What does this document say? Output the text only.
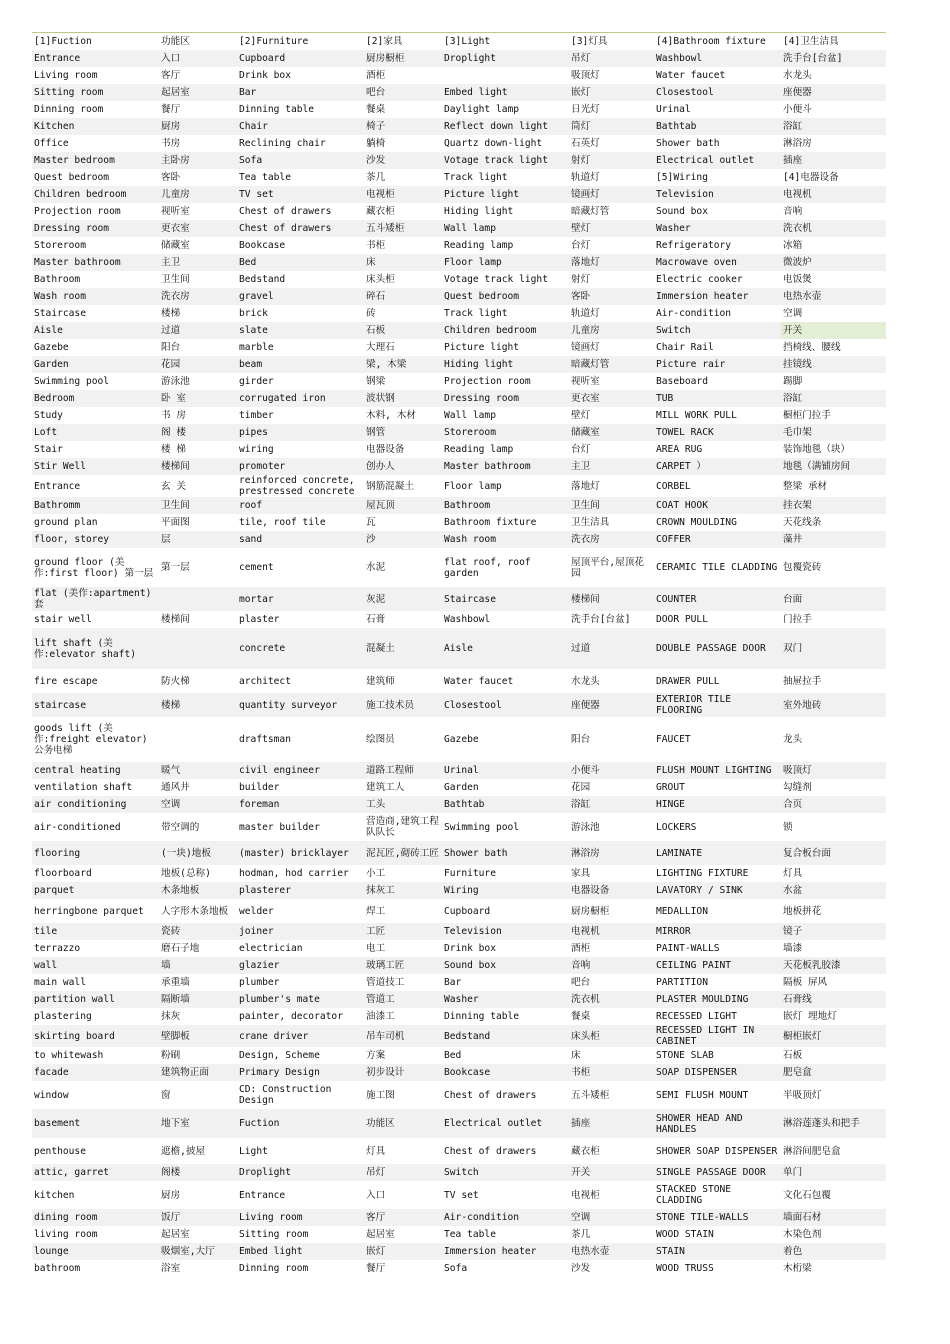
[1]Fuction	功能区	[2]Furniture	[2]家具	[3]Light	[3]灯具	[4]Bathroom fixture	[4]卫生洁具
Entrance	入口	Cupboard	厨房橱柜	Droplight	吊灯	Washbowl	洗手台[台盆]
Living room	客厅	Drink box	酒柜		吸顶灯	Water faucet	水龙头
Sitting room	起居室	Bar	吧台	Embed light	嵌灯	Closestool	座便器
Dinning room	餐厅	Dinning table	餐桌	Daylight lamp	日光灯	Urinal	小便斗
Kitchen	厨房	Chair	椅子	Reflect down light	筒灯	Bathtab	浴缸
Office	书房	Reclining chair	躺椅	Quartz down-light	石英灯	Shower bath	淋浴房
Master bedroom	主卧房	Sofa	沙发	Votage track light	射灯	Electrical outlet	插座
Quest bedroom	客卧	Tea table	茶几	Track light	轨道灯	[5]Wiring	[4]电器设备
Children bedroom	儿童房	TV set	电视柜	Picture light	镜画灯	Television	电视机
Projection room	视听室	Chest of drawers	藏衣柜	Hiding light	暗藏灯管	Sound box	音响
Dressing room	更衣室	Chest of drawers	五斗矮柜	Wall lamp	壁灯	Washer	洗衣机
Storeroom	储藏室	Bookcase	书柜	Reading lamp	台灯	Refrigeratory	冰箱
Master bathroom	主卫	Bed	床	Floor lamp	落地灯	Macrowave oven	微波炉
Bathroom	卫生间	Bedstand	床头柜	Votage track light	射灯	Electric cooker	电饭煲
Wash room	洗衣房	gravel	碎石	Quest bedroom	客卧	Immersion heater	电热水壶
Staircase	楼梯	brick	砖	Track light	轨道灯	Air-condition	空调
Aisle	过道	slate	石板	Children bedroom	儿童房	Switch	开关
Gazebe	阳台	marble	大理石	Picture light	镜画灯	Chair Rail	挡椅线、腰线
Garden	花园	beam	梁, 木梁	Hiding light	暗藏灯管	Picture rair	挂镜线
Swimming pool	游泳池	girder	钢梁	Projection room	视听室	Baseboard	踢脚
Bedroom	卧 室	corrugated iron	波状钢	Dressing room	更衣室	TUB	浴缸
Study	书 房	timber	木料, 木材	Wall lamp	壁灯	MILL WORK PULL	橱柜门拉手
Loft	阁 楼	pipes	钢管	Storeroom	储藏室	TOWEL RACK	毛巾架
Stair	楼 梯	wiring	电器设备	Reading lamp	台灯	AREA RUG	装饰地毯（块）
Stir Well	楼梯间	promoter	创办人	Master bathroom	主卫	CARPET ）	地毯（满铺房间
Entrance	玄 关	reinforced concrete, prestressed concrete	钢筋混凝土	Floor lamp	落地灯	CORBEL	整梁 承材
Bathromm	卫生间	roof	屋瓦顶	Bathroom	卫生间	COAT HOOK	挂衣架
ground plan	平面图	tile, roof tile	瓦	Bathroom fixture	卫生洁具	CROWN MOULDING	天花线条
floor, storey	层	sand	沙	Wash room	洗衣房	COFFER	藻井
ground floor (美作:first floor) 第一层	第一层	cement	水泥	flat roof, roof garden	屋顶平台,屋顶花园	CERAMIC TILE CLADDING	包覆瓷砖
flat (美作:apartment) 套		mortar	灰泥	Staircase	楼梯间	COUNTER	台面
stair well	楼梯间	plaster	石膏	Washbowl	洗手台[台盆]	DOOR PULL	门拉手
lift shaft (美作:elevator shaft)		concrete	混凝土	Aisle	过道	DOUBLE PASSAGE DOOR	双门
fire escape	防火梯	architect	建筑师	Water faucet	水龙头	DRAWER PULL	抽屉拉手
staircase	楼梯	quantity surveyor	施工技术员	Closestool	座便器	EXTERIOR TILE FLOORING	室外地砖
goods lift (美作:freight elevator) 公务电梯		draftsman	绘图员	Gazebe	阳台	FAUCET	龙头
central heating	暖气	civil engineer	道路工程师	Urinal	小便斗	FLUSH MOUNT LIGHTING	吸顶灯
ventilation shaft	通风井	builder	建筑工人	Garden	花园	GROUT	勾缝剂
air conditioning	空调	foreman	工头	Bathtab	浴缸	HINGE	合页
air-conditioned	带空调的	master builder	营造商,建筑工程队队长	Swimming pool	游泳池	LOCKERS	锁
flooring	(一块)地板	(master) bricklayer	泥瓦匠,砌砖工匠	Shower bath	淋浴房	LAMINATE	复合板台面
floorboard	地板(总称)	hodman, hod carrier	小工	Furniture	家具	LIGHTING FIXTURE	灯具
parquet	木条地板	plasterer	抹灰工	Wiring	电器设备	LAVATORY / SINK	水盆
herringbone parquet	人字形木条地板	welder	焊工	Cupboard	厨房橱柜	MEDALLION	地板拼花
tile	瓷砖	joiner	工匠	Television	电视机	MIRROR	镜子
terrazzo	磨石子地	electrician	电工	Drink box	酒柜	PAINT-WALLS	墙漆
wall	墙	glazier	玻璃工匠	Sound box	音响	CEILING PAINT	天花板乳胶漆
main wall	承重墙	plumber	管道技工	Bar	吧台	PARTITION	隔板 屏风
partition wall	隔断墙	plumber's mate	管道工	Washer	洗衣机	PLASTER MOULDING	石膏线
plastering	抹灰	painter, decorator	油漆工	Dinning table	餐桌	RECESSED LIGHT	嵌灯 埋地灯
skirting board	壁脚板	crane driver	吊车司机	Bedstand	床头柜	RECESSED LIGHT IN CABINET	橱柜嵌灯
to whitewash	粉刷	Design, Scheme	方案	Bed	床	STONE SLAB	石板
facade	建筑物正面	Primary Design	初步设计	Bookcase	书柜	SOAP DISPENSER	肥皂盒
window	窗	CD: Construction Design	施工图	Chest of drawers	五斗矮柜	SEMI FLUSH MOUNT	半吸顶灯
basement	地下室	Fuction	功能区	Electrical outlet	插座	SHOWER HEAD AND HANDLES	淋浴莲蓬头和把手
penthouse	遮檐,披屋	Light	灯具	Chest of drawers	藏衣柜	SHOWER SOAP DISPENSER	淋浴间肥皂盒
attic, garret	阁楼	Droplight	吊灯	Switch	开关	SINGLE PASSAGE DOOR	单门
kitchen	厨房	Entrance	入口	TV set	电视柜	STACKED STONE CLADDING	文化石包覆
dining room	饭厅	Living room	客厅	Air-condition	空调	STONE TILE-WALLS	墙面石材
living room	起居室	Sitting room	起居室	Tea table	茶几	WOOD STAIN	木染色剂
lounge	吸烟室,大厅	Embed light	嵌灯	Immersion heater	电热水壶	STAIN	着色
bathroom	浴室	Dinning room	餐厅	Sofa	沙发	WOOD TRUSS	木桁梁
